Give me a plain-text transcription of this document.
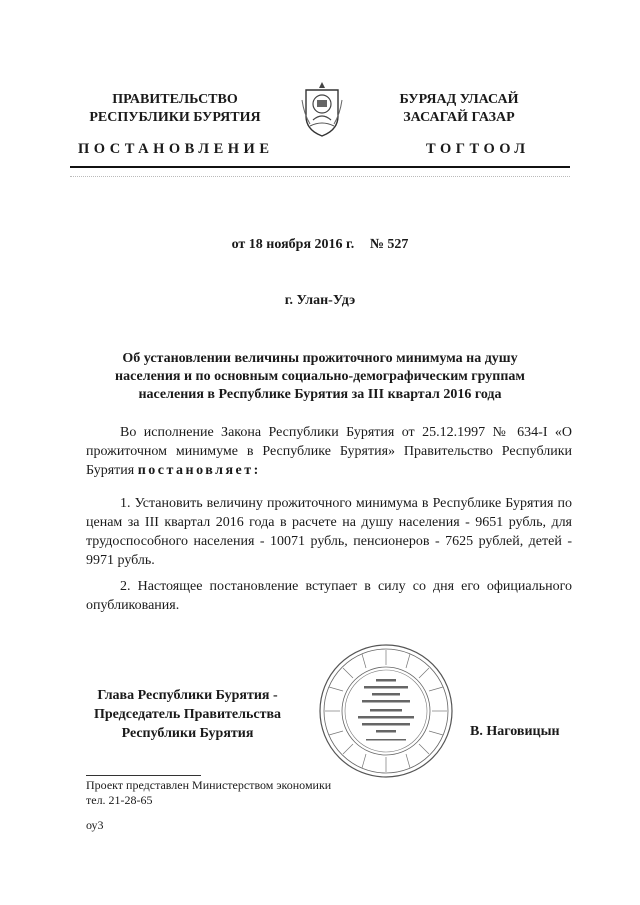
ПРАВИТЕЛЬСТВО
РЕСПУБЛИКИ БУРЯТИЯ
БУРЯАД УЛАСАЙ
ЗАСАГАЙ ГАЗАР
ПОСТАНОВЛЕНИЕ	ТОГТООЛ
от 18 ноября 2016 г. № 527
г. Улан-Удэ
Об установлении величины прожиточного минимума на душу
населения и по основным социально-демографическим группам
населения в Республике Бурятия за III квартал 2016 года
Во исполнение Закона Республики Бурятия от 25.12.1997 № 634-I «О прожиточном минимуме в Республике Бурятия» Правительство Республики Бурятия постановляет:
1. Установить величину прожиточного минимума в Республике Бурятия по ценам за III квартал 2016 года в расчете на душу населения - 9651 рубль, для трудоспособного населения - 10071 рубль, пенсионеров - 7625 рублей, детей - 9971 рубль.
2. Настоящее постановление вступает в силу со дня его официального опубликования.
Глава Республики Бурятия -
Председатель Правительства
Республики Бурятия	В. Наговицын
Проект представлен Министерством экономики
тел. 21-28-65
оу3
